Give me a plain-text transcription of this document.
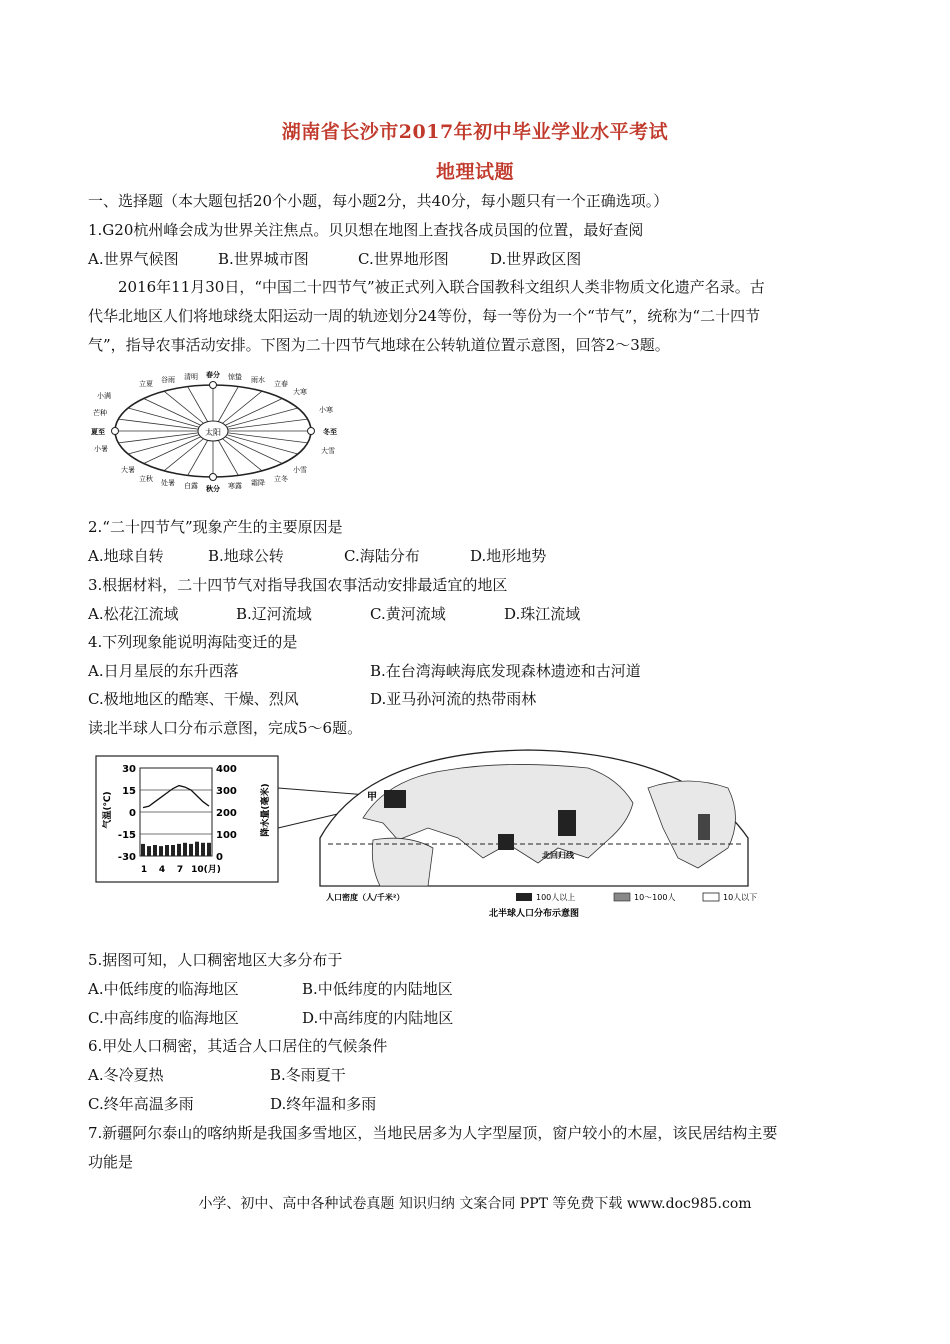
湖南省长沙市2017年初中毕业学业水平考试
地理试题
一、选择题（本大题包括20个小题，每小题2分，共40分，每小题只有一个正确选项。）
1.G20杭州峰会成为世界关注焦点。贝贝想在地图上查找各成员国的位置，最好查阅
A.世界气候图	B.世界城市图	C.世界地形图	D.世界政区图
2016年11月30日，“中国二十四节气”被正式列入联合国教科文组织人类非物质文化遗产名录。古
代华北地区人们将地球绕太阳运动一周的轨迹划分24等份，每一等份为一个“节气”，统称为“二十四节
气”，指导农事活动安排。下图为二十四节气地球在公转轨道位置示意图，回答2～3题。
太阳
立夏 谷雨 清明 春分 惊蛰 雨水 立春
立秋 处暑 白露 秋分 寒露 霜降 立冬
小满
芒种
夏至
小暑
大暑
大寒
小寒
冬至
大雪
小雪
2.“二十四节气”现象产生的主要原因是
A.地球自转	B.地球公转	C.海陆分布	D.地形地势
3.根据材料，二十四节气对指导我国农事活动安排最适宜的地区
A.松花江流域	B.辽河流域	C.黄河流域	D.珠江流域
4.下列现象能说明海陆变迁的是
A.日月星辰的东升西落	B.在台湾海峡海底发现森林遗迹和古河道
C.极地地区的酷寒、干燥、烈风	D.亚马孙河流的热带雨林
读北半球人口分布示意图，完成5～6题。
气温(℃)	降水量(毫米)
30
15
0
-15
-30
400
300
200
100
0
1 4 7 10(月)
北回归线
甲
人口密度（人/千米²）	100人以上	10～100人	10人以下
北半球人口分布示意图
5.据图可知，人口稠密地区大多分布于
A.中低纬度的临海地区	B.中低纬度的内陆地区
C.中高纬度的临海地区	D.中高纬度的内陆地区
6.甲处人口稠密，其适合人口居住的气候条件
A.冬冷夏热	B.冬雨夏干
C.终年高温多雨	D.终年温和多雨
7.新疆阿尔泰山的喀纳斯是我国多雪地区，当地民居多为人字型屋顶，窗户较小的木屋，该民居结构主要
功能是
小学、初中、高中各种试卷真题 知识归纳 文案合同 PPT 等免费下载 www.doc985.com
